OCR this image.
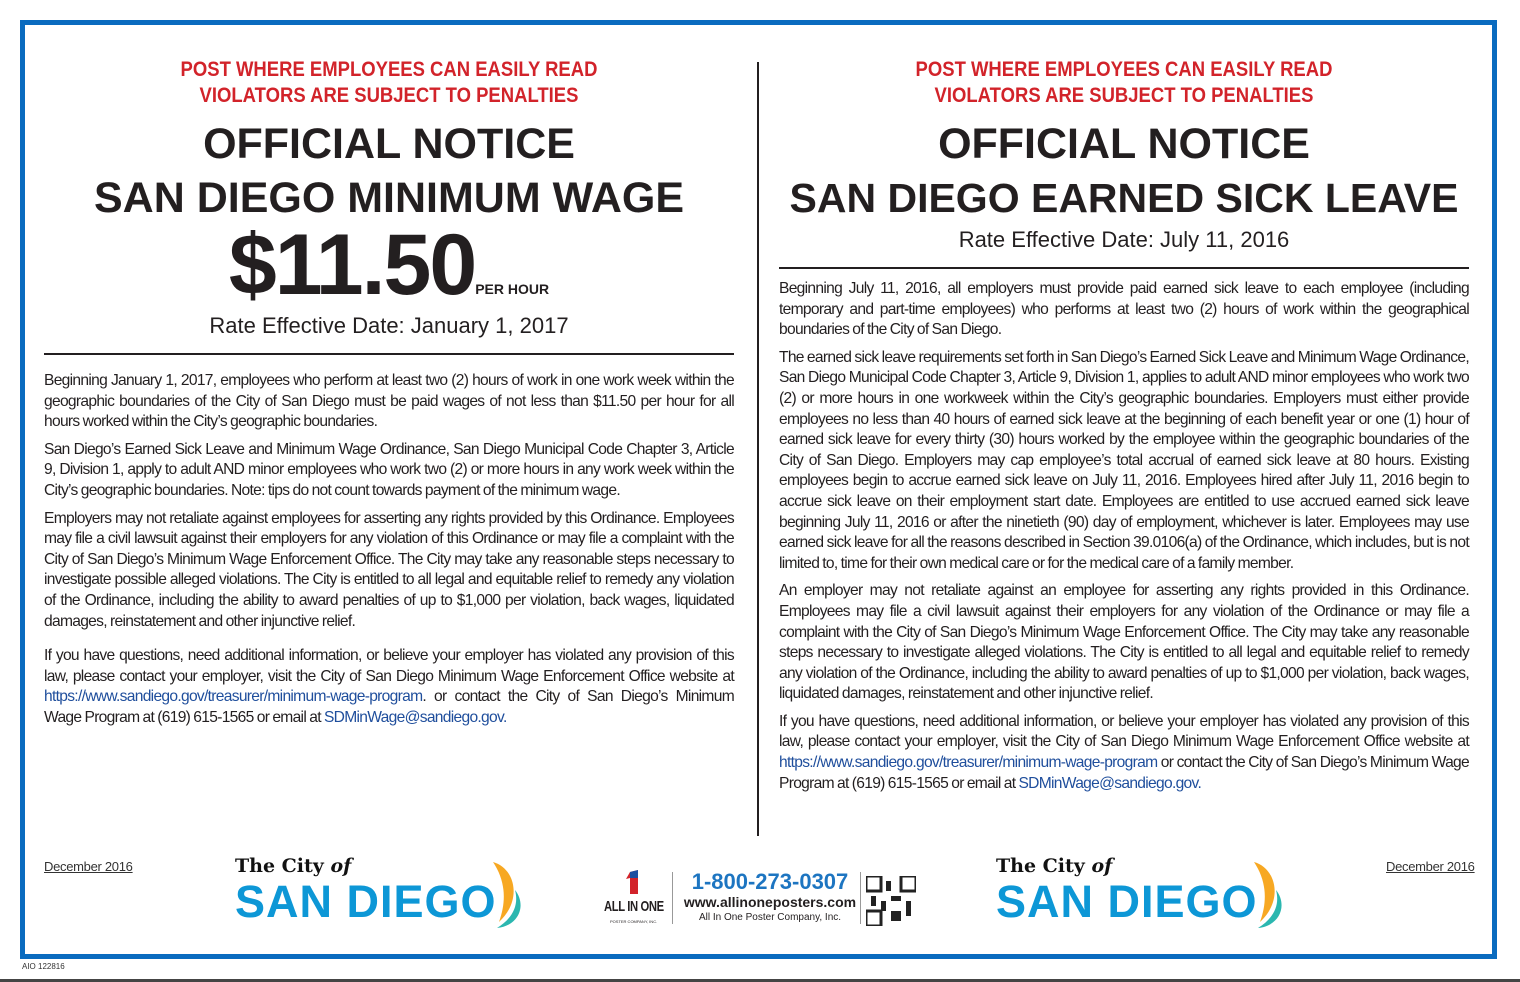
POST WHERE EMPLOYEES CAN EASILY READ
VIOLATORS ARE SUBJECT TO PENALTIES
OFFICIAL NOTICE
SAN DIEGO MINIMUM WAGE
$11.50PER HOUR
Rate Effective Date: January 1, 2017

Beginning January 1, 2017, employees who perform at least two (2) hours of work in one work week within the geographic boundaries of the City of San Diego must be paid wages of not less than $11.50 per hour for all hours worked within the City’s geographic boundaries.

San Diego’s Earned Sick Leave and Minimum Wage Ordinance, San Diego Municipal Code Chapter 3, Article 9, Division 1, apply to adult AND minor employees who work two (2) or more hours in any work week within the City’s geographic boundaries. Note: tips do not count towards payment of the minimum wage.

Employers may not retaliate against employees for asserting any rights provided by this Ordinance. Employees may file a civil lawsuit against their employers for any violation of this Ordinance or may file a complaint with the City of San Diego’s Minimum Wage Enforcement Office. The City may take any reasonable steps necessary to investigate possible alleged violations. The City is entitled to all legal and equitable relief to remedy any violation of the Ordinance, including the ability to award penalties of up to $1,000 per violation, back wages, liquidated damages, reinstatement and other injunctive relief.

If you have questions, need additional information, or believe your employer has violated any provision of this law, please contact your employer, visit the City of San Diego Minimum Wage Enforcement Office website at https://www.sandiego.gov/treasurer/minimum-wage-program. or contact the City of San Diego’s Minimum Wage Program at (619) 615-1565 or email at SDMinWage@sandiego.gov.

POST WHERE EMPLOYEES CAN EASILY READ
VIOLATORS ARE SUBJECT TO PENALTIES
OFFICIAL NOTICE
SAN DIEGO EARNED SICK LEAVE
Rate Effective Date: July 11, 2016

Beginning July 11, 2016, all employers must provide paid earned sick leave to each employee (including temporary and part-time employees) who performs at least two (2) hours of work within the geographical boundaries of the City of San Diego.

The earned sick leave requirements set forth in San Diego’s Earned Sick Leave and Minimum Wage Ordinance, San Diego Municipal Code Chapter 3, Article 9, Division 1, applies to adult AND minor employees who work two (2) or more hours in one workweek within the City’s geographic boundaries. Employers must either provide employees no less than 40 hours of earned sick leave at the beginning of each benefit year or one (1) hour of earned sick leave for every thirty (30) hours worked by the employee within the geographic boundaries of the City of San Diego. Employers may cap employee’s total accrual of earned sick leave at 80 hours. Existing employees begin to accrue earned sick leave on July 11, 2016. Employees hired after July 11, 2016 begin to accrue sick leave on their employment start date. Employees are entitled to use accrued earned sick leave beginning July 11, 2016 or after the ninetieth (90) day of employment, whichever is later. Employees may use earned sick leave for all the reasons described in Section 39.0106(a) of the Ordinance, which includes, but is not limited to, time for their own medical care or for the medical care of a family member.

An employer may not retaliate against an employee for asserting any rights provided in this Ordinance. Employees may file a civil lawsuit against their employers for any violation of the Ordinance or may file a complaint with the City of San Diego’s Minimum Wage Enforcement Office. The City may take any reasonable steps necessary to investigate alleged violations. The City is entitled to all legal and equitable relief to remedy any violation of the Ordinance, including the ability to award penalties of up to $1,000 per violation, back wages, liquidated damages, reinstatement and other injunctive relief.

If you have questions, need additional information, or believe your employer has violated any provision of this law, please contact your employer, visit the City of San Diego Minimum Wage Enforcement Office website at https://www.sandiego.gov/treasurer/minimum-wage-program or contact the City of San Diego’s Minimum Wage Program at (619) 615-1565 or email at SDMinWage@sandiego.gov.

December 2016	December 2016
The City of
SAN DIEGO
The City of
SAN DIEGO
ALL IN ONE
POSTER COMPANY, INC.
1-800-273-0307
www.allinoneposters.com
All In One Poster Company, Inc.
AIO 122816
